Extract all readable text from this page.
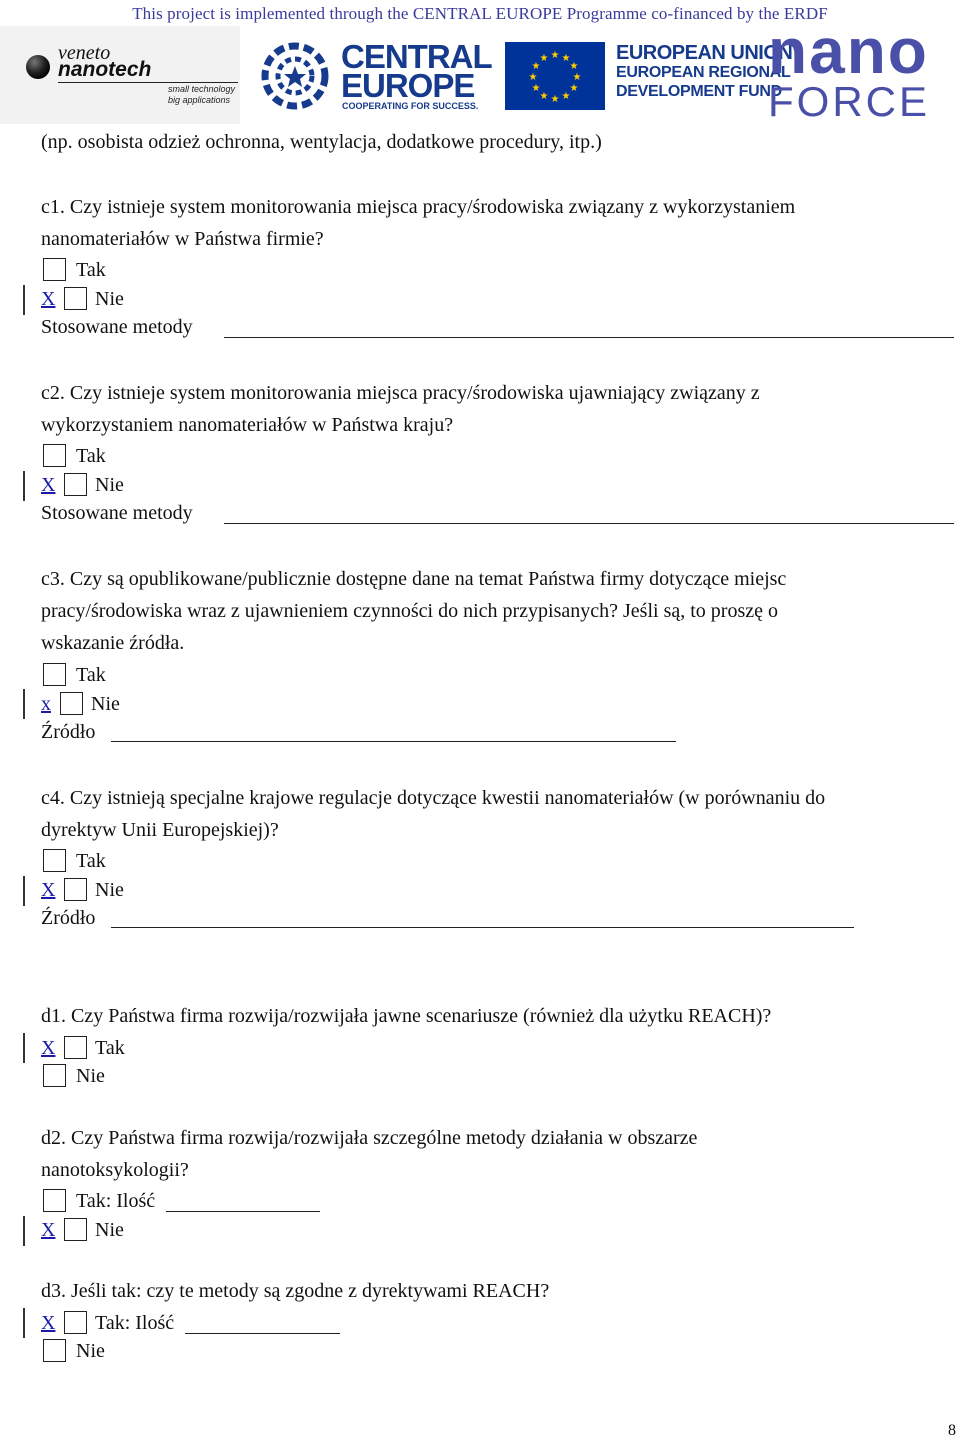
This project is implemented through the CENTRAL EUROPE Programme co-financed by the ERDF
veneto
nanotech
small technology
big applications
CENTRAL
EUROPE
COOPERATING FOR SUCCESS.
★ ★
★
★
★
★
★
★
★
★
★
★	EUROPEAN UNION
EUROPEAN REGIONAL
DEVELOPMENT FUND
nano
FORCE
(np. osobista odzież ochronna, wentylacja, dodatkowe procedury, itp.)
c1. Czy istnieje system monitorowania miejsca pracy/środowiska związany z wykorzystaniem
nanomateriałów w Państwa firmie?
Tak
X Nie
Stosowane metody
c2. Czy istnieje system monitorowania miejsca pracy/środowiska ujawniający związany z
wykorzystaniem nanomateriałów w Państwa kraju?
Tak
X Nie
Stosowane metody
c3. Czy są opublikowane/publicznie dostępne dane na temat Państwa firmy dotyczące miejsc
pracy/środowiska wraz z ujawnieniem czynności do nich przypisanych? Jeśli są, to proszę o
wskazanie źródła.
Tak
x Nie
Źródło
c4. Czy istnieją specjalne krajowe regulacje dotyczące kwestii nanomateriałów (w porównaniu do
dyrektyw Unii Europejskiej)?
Tak
X Nie
Źródło
d1. Czy Państwa firma rozwija/rozwijała jawne scenariusze (również dla użytku REACH)?
X Tak
Nie
d2. Czy Państwa firma rozwija/rozwijała szczególne metody działania w obszarze
nanotoksykologii?
Tak: Ilość
X Nie
d3. Jeśli tak: czy te metody są zgodne z dyrektywami REACH?
X Tak: Ilość
Nie
8
